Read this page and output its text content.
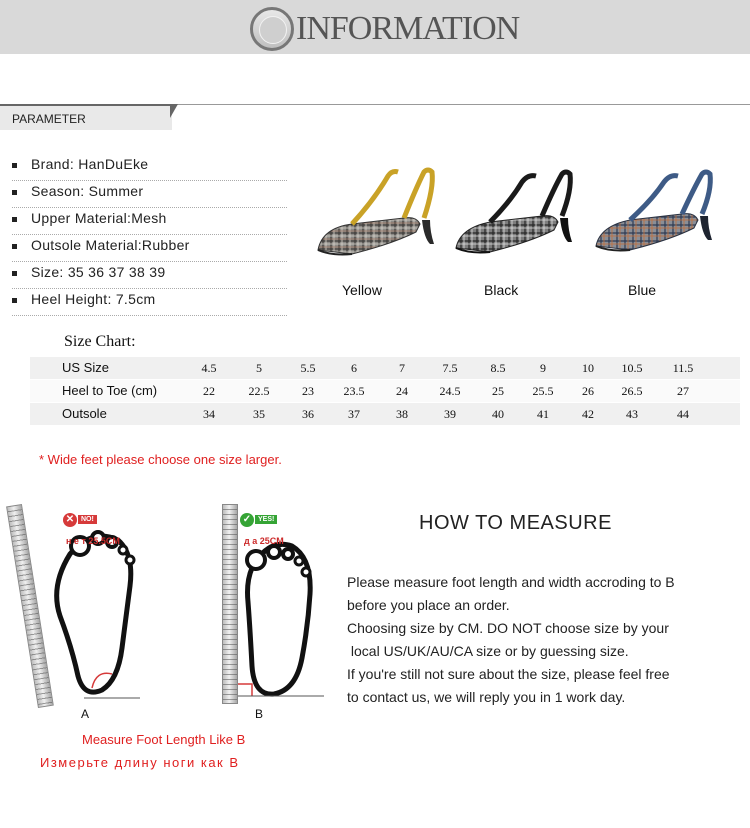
INFORMATION
PARAMETER
Brand: HanDuEke
Season: Summer
Upper Material:Mesh
Outsole Material:Rubber
Size: 35 36 37 38 39
Heel Height: 7.5cm
Yellow	Black	Blue
Size Chart:
US Size	4.5	5	5.5	6	7	7.5	8.5	9	10	10.5	11.5
Heel to Toe (cm)	22	22.5	23	23.5	24	24.5	25	25.5	26	26.5	27
Outsole	34	35	36	37	38	39	40	41	42	43	44
* Wide feet please choose one size larger.
✕ NO!
н е т 25.5CM
A
✓ YES!
д а 25CM
B
Measure Foot Length Like B
Измерьте длину ноги как B
HOW TO MEASURE

Please measure foot length and width accroding to B

before you place an order.

Choosing size by CM. DO NOT choose size by your

local US/UK/AU/CA size or by guessing size.

If you're still not sure about the size, please feel free

to contact us, we will reply you in 1 work day.
